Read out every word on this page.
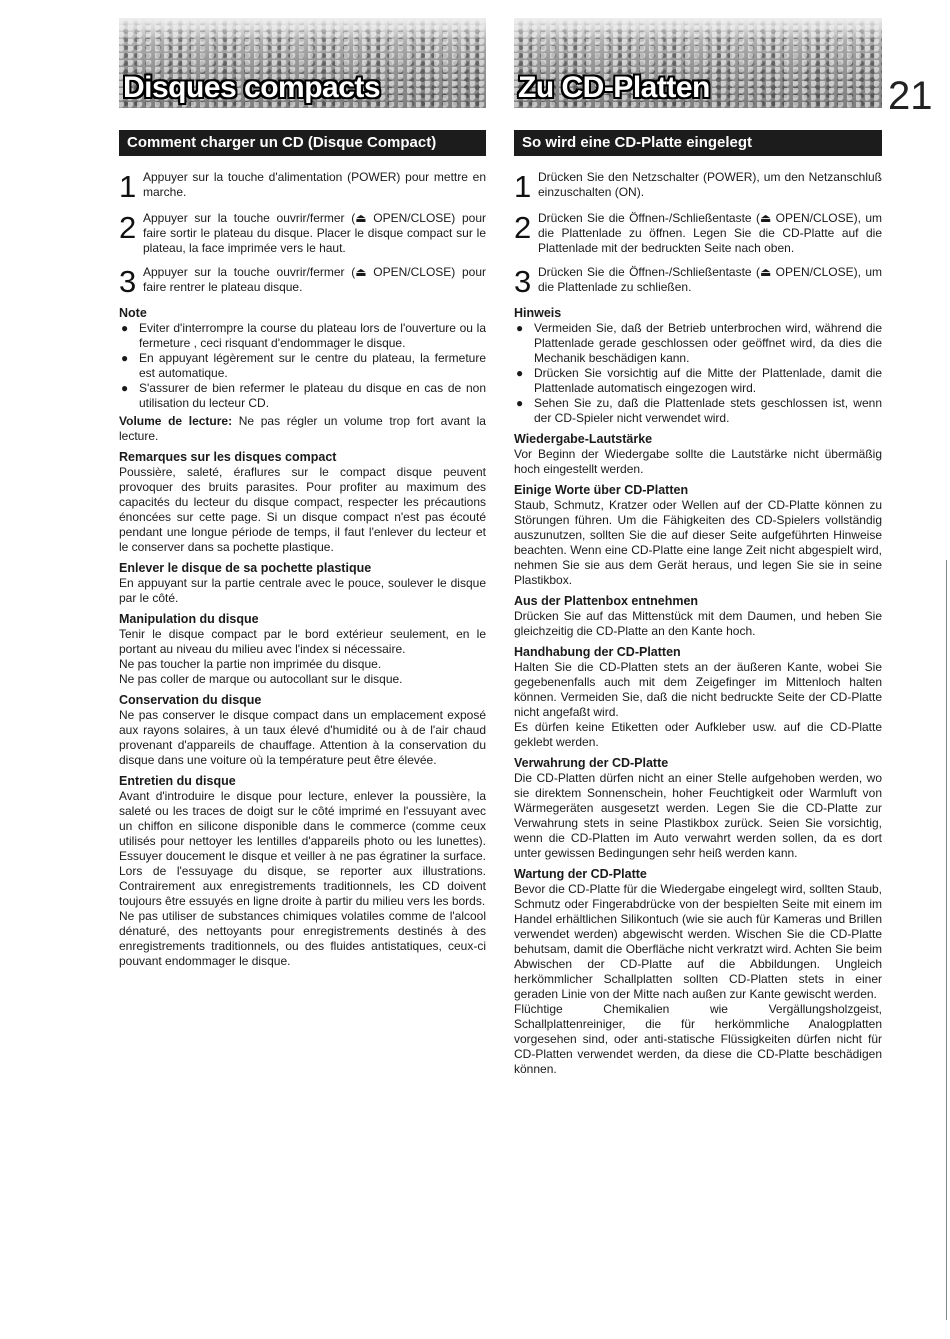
21
Disques compacts
Comment charger un CD (Disque Compact)
1 Appuyer sur la touche d'alimentation (POWER) pour mettre en marche.
2 Appuyer sur la touche ouvrir/fermer (⏏ OPEN/CLOSE) pour faire sortir le plateau du disque. Placer le disque compact sur le plateau, la face imprimée vers le haut.
3 Appuyer sur la touche ouvrir/fermer (⏏ OPEN/CLOSE) pour faire rentrer le plateau disque.
Note
● Eviter d'interrompre la course du plateau lors de l'ouverture ou la fermeture , ceci risquant d'endommager le disque.
● En appuyant légèrement sur le centre du plateau, la fermeture est automatique.
● S'assurer de bien refermer le plateau du disque en cas de non utilisation du lecteur CD.
Volume de lecture: Ne pas régler un volume trop fort avant la lecture.
Remarques sur les disques compact
Poussière, saleté, éraflures sur le compact disque peuvent provoquer des bruits parasites. Pour profiter au maximum des capacités du lecteur du disque compact, respecter les précautions énoncées sur cette page. Si un disque compact n'est pas écouté pendant une longue période de temps, il faut l'enlever du lecteur et le conserver dans sa pochette plastique.
Enlever le disque de sa pochette plastique
En appuyant sur la partie centrale avec le pouce, soulever le disque par le côté.
Manipulation du disque
Tenir le disque compact par le bord extérieur seulement, en le portant au niveau du milieu avec l'index si nécessaire.
Ne pas toucher la partie non imprimée du disque.
Ne pas coller de marque ou autocollant sur le disque.
Conservation du disque
Ne pas conserver le disque compact dans un emplacement exposé aux rayons solaires, à un taux élevé d'humidité ou à de l'air chaud provenant d'appareils de chauffage. Attention à la conservation du disque dans une voiture où la température peut être élevée.
Entretien du disque
Avant d'introduire le disque pour lecture, enlever la poussière, la saleté ou les traces de doigt sur le côté imprimé en l'essuyant avec un chiffon en silicone disponible dans le commerce (comme ceux utilisés pour nettoyer les lentilles d'appareils photo ou les lunettes). Essuyer doucement le disque et veiller à ne pas égratiner la surface. Lors de l'essuyage du disque, se reporter aux illustrations. Contrairement aux enregistrements traditionnels, les CD doivent toujours être essuyés en ligne droite à partir du milieu vers les bords.
Ne pas utiliser de substances chimiques volatiles comme de l'alcool dénaturé, des nettoyants pour enregistrements destinés à des enregistrements traditionnels, ou des fluides antistatiques, ceux-ci pouvant endommager le disque.
Zu CD-Platten
So wird eine CD-Platte eingelegt
1 Drücken Sie den Netzschalter (POWER), um den Netzanschluß einzuschalten (ON).
2 Drücken Sie die Öffnen-/Schließentaste (⏏ OPEN/CLOSE), um die Plattenlade zu öffnen. Legen Sie die CD-Platte auf die Plattenlade mit der bedruckten Seite nach oben.
3 Drücken Sie die Öffnen-/Schließentaste (⏏ OPEN/CLOSE), um die Plattenlade zu schließen.
Hinweis
● Vermeiden Sie, daß der Betrieb unterbrochen wird, während die Plattenlade gerade geschlossen oder geöffnet wird, da dies die Mechanik beschädigen kann.
● Drücken Sie vorsichtig auf die Mitte der Plattenlade, damit die Plattenlade automatisch eingezogen wird.
● Sehen Sie zu, daß die Plattenlade stets geschlossen ist, wenn der CD-Spieler nicht verwendet wird.
Wiedergabe-Lautstärke
Vor Beginn der Wiedergabe sollte die Lautstärke nicht übermäßig hoch eingestellt werden.
Einige Worte über CD-Platten
Staub, Schmutz, Kratzer oder Wellen auf der CD-Platte können zu Störungen führen. Um die Fähigkeiten des CD-Spielers vollständig auszunutzen, sollten Sie die auf dieser Seite aufgeführten Hinweise beachten. Wenn eine CD-Platte eine lange Zeit nicht abgespielt wird, nehmen Sie sie aus dem Gerät heraus, und legen Sie sie in seine Plastikbox.
Aus der Plattenbox entnehmen
Drücken Sie auf das Mittenstück mit dem Daumen, und heben Sie gleichzeitig die CD-Platte an den Kante hoch.
Handhabung der CD-Platten
Halten Sie die CD-Platten stets an der äußeren Kante, wobei Sie gegebenenfalls auch mit dem Zeigefinger im Mittenloch halten können. Vermeiden Sie, daß die nicht bedruckte Seite der CD-Platte nicht angefaßt wird.
Es dürfen keine Etiketten oder Aufkleber usw. auf die CD-Platte geklebt werden.
Verwahrung der CD-Platte
Die CD-Platten dürfen nicht an einer Stelle aufgehoben werden, wo sie direktem Sonnenschein, hoher Feuchtigkeit oder Warmluft von Wärmegeräten ausgesetzt werden. Legen Sie die CD-Platte zur Verwahrung stets in seine Plastikbox zurück. Seien Sie vorsichtig, wenn die CD-Platten im Auto verwahrt werden sollen, da es dort unter gewissen Bedingungen sehr heiß werden kann.
Wartung der CD-Platte
Bevor die CD-Platte für die Wiedergabe eingelegt wird, sollten Staub, Schmutz oder Fingerabdrücke von der bespielten Seite mit einem im Handel erhältlichen Silikontuch (wie sie auch für Kameras und Brillen verwendet werden) abgewischt werden. Wischen Sie die CD-Platte behutsam, damit die Oberfläche nicht verkratzt wird. Achten Sie beim Abwischen der CD-Platte auf die Abbildungen. Ungleich herkömmlicher Schallplatten sollten CD-Platten stets in einer geraden Linie von der Mitte nach außen zur Kante gewischt werden.
Flüchtige Chemikalien wie Vergällungsholzgeist, Schallplattenreiniger, die für herkömmliche Analogplatten vorgesehen sind, oder anti-statische Flüssigkeiten dürfen nicht für CD-Platten verwendet werden, da diese die CD-Platte beschädigen können.
